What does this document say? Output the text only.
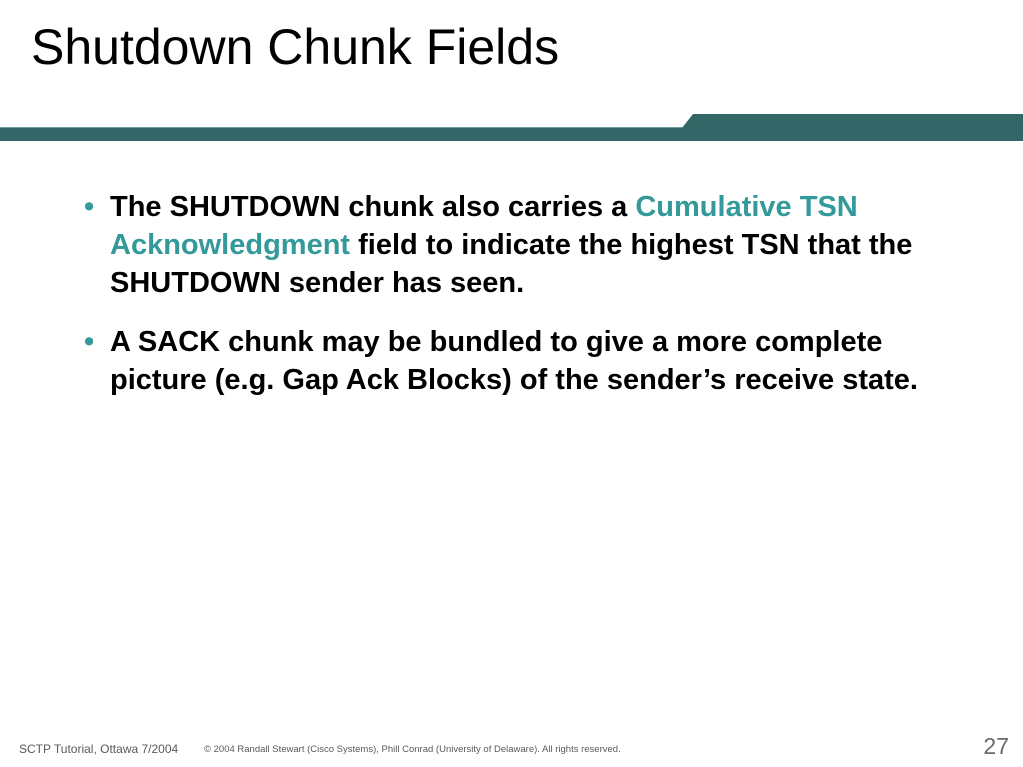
Shutdown Chunk Fields
• The SHUTDOWN chunk also carries a Cumulative TSN Acknowledgment field to indicate the highest TSN that the SHUTDOWN sender has seen.
• A SACK chunk may be bundled to give a more complete picture (e.g. Gap Ack Blocks) of the sender’s receive state.
SCTP Tutorial, Ottawa 7/2004	© 2004 Randall Stewart (Cisco Systems), Phill Conrad (University of Delaware). All rights reserved.	27
